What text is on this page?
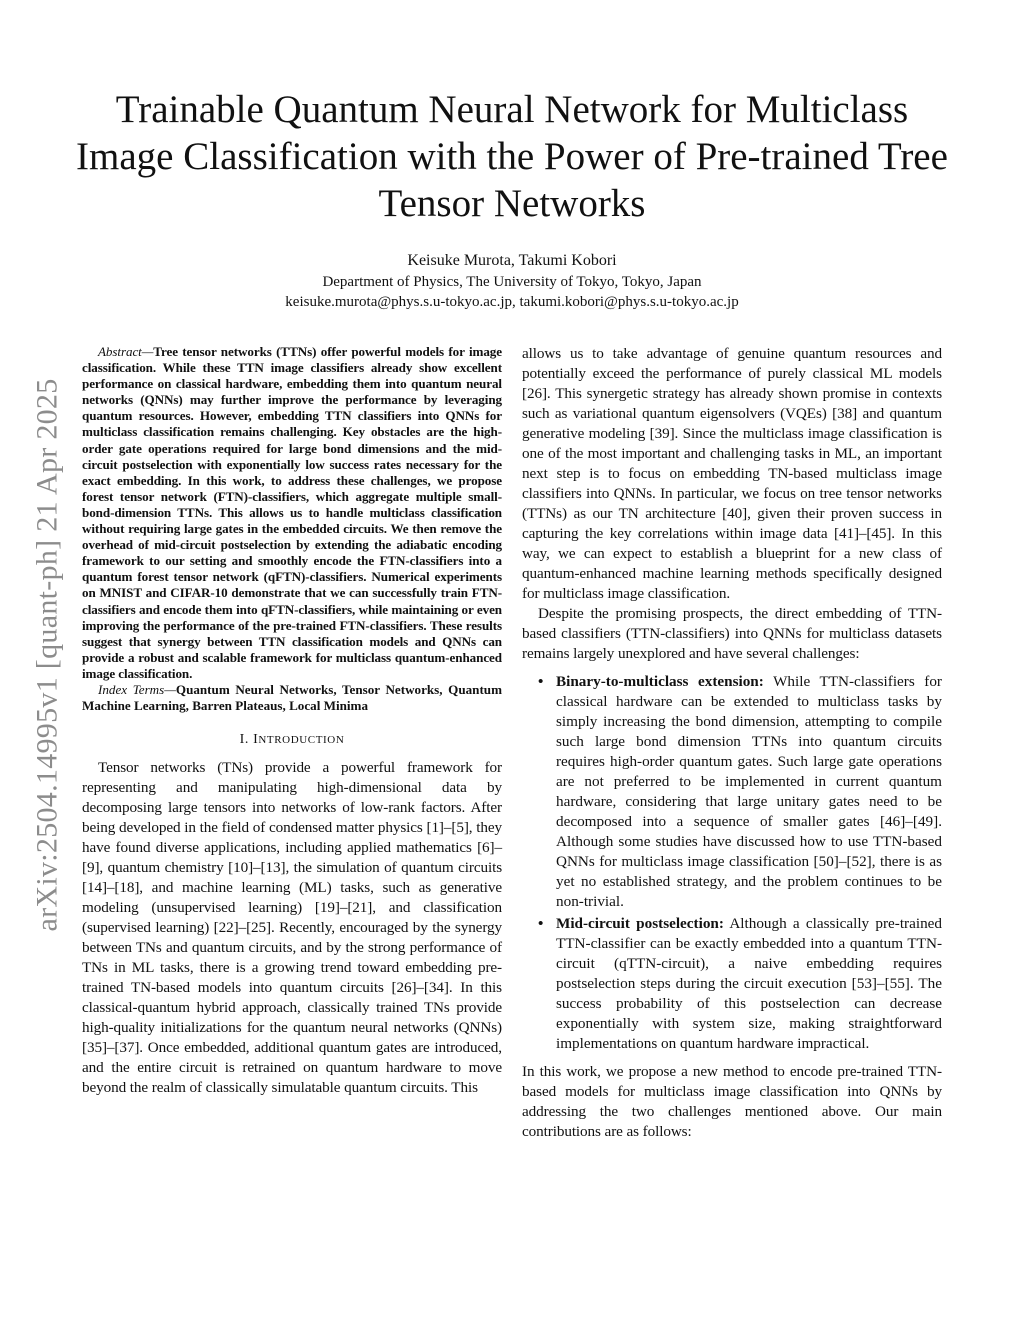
arXiv:2504.14995v1 [quant-ph] 21 Apr 2025
Trainable Quantum Neural Network for Multiclass Image Classification with the Power of Pre-trained Tree Tensor Networks
Keisuke Murota, Takumi Kobori
Department of Physics, The University of Tokyo, Tokyo, Japan
keisuke.murota@phys.s.u-tokyo.ac.jp, takumi.kobori@phys.s.u-tokyo.ac.jp

Abstract—Tree tensor networks (TTNs) offer powerful models for image classification. While these TTN image classifiers already show excellent performance on classical hardware, embedding them into quantum neural networks (QNNs) may further improve the performance by leveraging quantum resources. However, embedding TTN classifiers into QNNs for multiclass classification remains challenging. Key obstacles are the high-order gate operations required for large bond dimensions and the mid-circuit postselection with exponentially low success rates necessary for the exact embedding. In this work, to address these challenges, we propose forest tensor network (FTN)-classifiers, which aggregate multiple small-bond-dimension TTNs. This allows us to handle multiclass classification without requiring large gates in the embedded circuits. We then remove the overhead of mid-circuit postselection by extending the adiabatic encoding framework to our setting and smoothly encode the FTN-classifiers into a quantum forest tensor network (qFTN)-classifiers. Numerical experiments on MNIST and CIFAR-10 demonstrate that we can successfully train FTN-classifiers and encode them into qFTN-classifiers, while maintaining or even improving the performance of the pre-trained FTN-classifiers. These results suggest that synergy between TTN classification models and QNNs can provide a robust and scalable framework for multiclass quantum-enhanced image classification.

Index Terms—Quantum Neural Networks, Tensor Networks, Quantum Machine Learning, Barren Plateaus, Local Minima

I. INTRODUCTION

Tensor networks (TNs) provide a powerful framework for representing and manipulating high-dimensional data by decomposing large tensors into networks of low-rank factors. After being developed in the field of condensed matter physics [1]–[5], they have found diverse applications, including applied mathematics [6]–[9], quantum chemistry [10]–[13], the simulation of quantum circuits [14]–[18], and machine learning (ML) tasks, such as generative modeling (unsupervised learning) [19]–[21], and classification (supervised learning) [22]–[25]. Recently, encouraged by the synergy between TNs and quantum circuits, and by the strong performance of TNs in ML tasks, there is a growing trend toward embedding pre-trained TN-based models into quantum circuits [26]–[34]. In this classical-quantum hybrid approach, classically trained TNs provide high-quality initializations for the quantum neural networks (QNNs) [35]–[37]. Once embedded, additional quantum gates are introduced, and the entire circuit is retrained on quantum hardware to move beyond the realm of classically simulatable quantum circuits. This

allows us to take advantage of genuine quantum resources and potentially exceed the performance of purely classical ML models [26]. This synergetic strategy has already shown promise in contexts such as variational quantum eigensolvers (VQEs) [38] and quantum generative modeling [39]. Since the multiclass image classification is one of the most important and challenging tasks in ML, an important next step is to focus on embedding TN-based multiclass image classifiers into QNNs. In particular, we focus on tree tensor networks (TTNs) as our TN architecture [40], given their proven success in capturing the key correlations within image data [41]–[45]. In this way, we can expect to establish a blueprint for a new class of quantum-enhanced machine learning methods specifically designed for multiclass image classification.

Despite the promising prospects, the direct embedding of TTN-based classifiers (TTN-classifiers) into QNNs for multiclass datasets remains largely unexplored and have several challenges:

• Binary-to-multiclass extension: While TTN-classifiers for classical hardware can be extended to multiclass tasks by simply increasing the bond dimension, attempting to compile such large bond dimension TTNs into quantum circuits requires high-order quantum gates. Such large gate operations are not preferred to be implemented in current quantum hardware, considering that large unitary gates need to be decomposed into a sequence of smaller gates [46]–[49]. Although some studies have discussed how to use TTN-based QNNs for multiclass image classification [50]–[52], there is as yet no established strategy, and the problem continues to be non-trivial.
• Mid-circuit postselection: Although a classically pre-trained TTN-classifier can be exactly embedded into a quantum TTN-circuit (qTTN-circuit), a naive embedding requires postselection steps during the circuit execution [53]–[55]. The success probability of this postselection can decrease exponentially with system size, making straightforward implementations on quantum hardware impractical.

In this work, we propose a new method to encode pre-trained TTN-based models for multiclass image classification into QNNs by addressing the two challenges mentioned above. Our main contributions are as follows:
